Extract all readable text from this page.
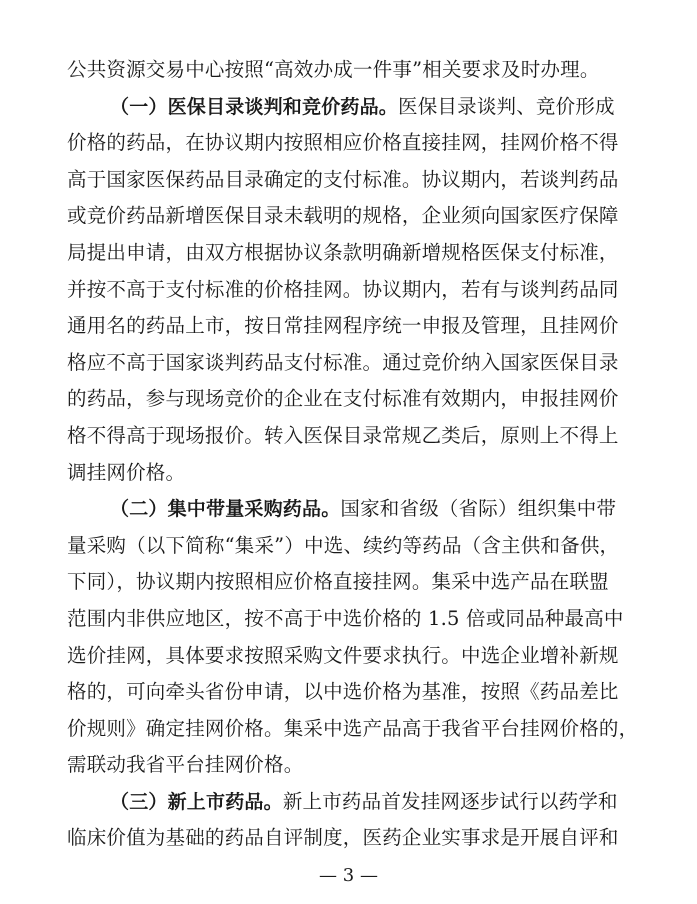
公共资源交易中心按照“高效办成一件事”相关要求及时办理。
（一）医保目录谈判和竞价药品。医保目录谈判、竞价形成
价格的药品，在协议期内按照相应价格直接挂网，挂网价格不得
高于国家医保药品目录确定的支付标准。协议期内，若谈判药品
或竞价药品新增医保目录未载明的规格，企业须向国家医疗保障
局提出申请，由双方根据协议条款明确新增规格医保支付标准，
并按不高于支付标准的价格挂网。协议期内，若有与谈判药品同
通用名的药品上市，按日常挂网程序统一申报及管理，且挂网价
格应不高于国家谈判药品支付标准。通过竞价纳入国家医保目录
的药品，参与现场竞价的企业在支付标准有效期内，申报挂网价
格不得高于现场报价。转入医保目录常规乙类后，原则上不得上
调挂网价格。
（二）集中带量采购药品。国家和省级（省际）组织集中带
量采购（以下简称“集采”）中选、续约等药品（含主供和备供，
下同），协议期内按照相应价格直接挂网。集采中选产品在联盟
范围内非供应地区，按不高于中选价格的 1.5 倍或同品种最高中
选价挂网，具体要求按照采购文件要求执行。中选企业增补新规
格的，可向牵头省份申请，以中选价格为基准，按照《药品差比
价规则》确定挂网价格。集采中选产品高于我省平台挂网价格的，
需联动我省平台挂网价格。
（三）新上市药品。新上市药品首发挂网逐步试行以药学和
临床价值为基础的药品自评制度，医药企业实事求是开展自评和
— 3 —
